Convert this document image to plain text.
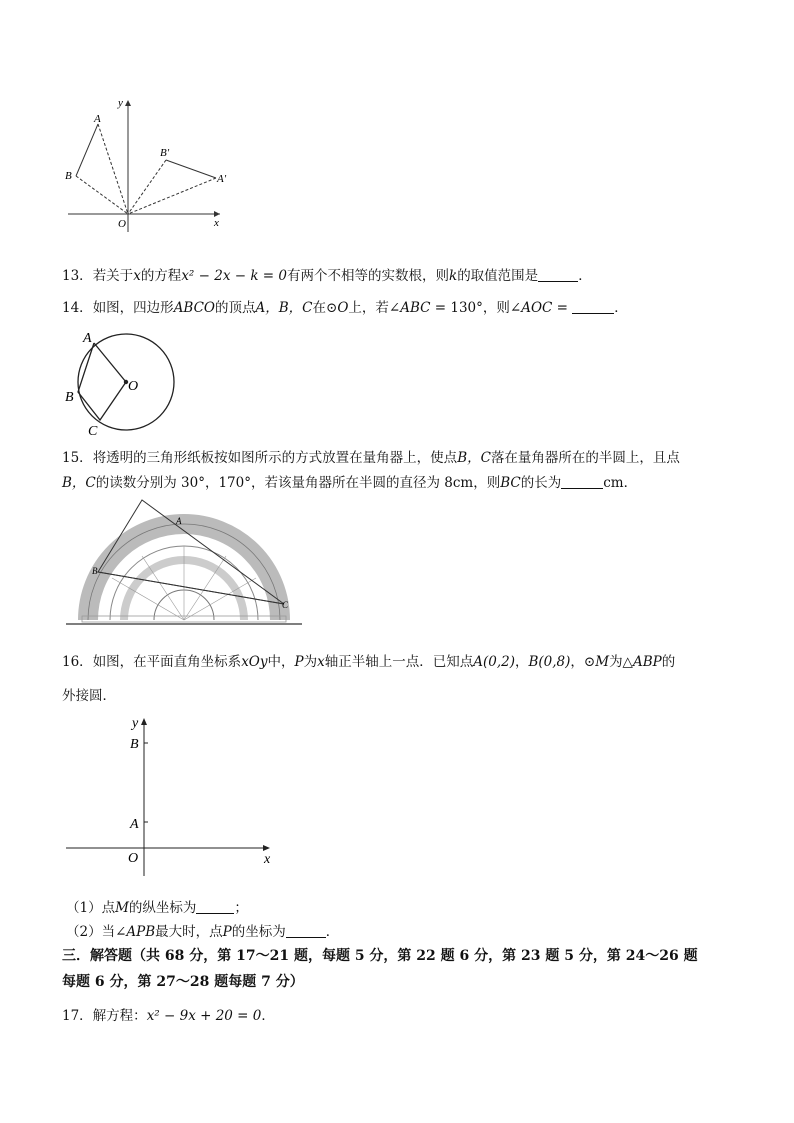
y
x
O
A
B	A′
B′
13．若关于x的方程x² − 2x − k = 0有两个不相等的实数根，则k的取值范围是	．
14．如图，四边形ABCO的顶点A，B，C在⊙O上，若∠ABC = 130°，则∠AOC =	．
A
B
C
O
15．将透明的三角形纸板按如图所示的方式放置在量角器上，使点B，C落在量角器所在的半圆上，且点
B，C的读数分别为 30°，170°，若该量角器所在半圆的直径为 8cm，则BC的长为	cm．
A
B
C
16．如图，在平面直角坐标系xOy中，P为x轴正半轴上一点．已知点A(0,2)，B(0,8)，⊙M为△ABP的
外接圆．
y
x
O
A
B
（1）点M的纵坐标为	；
（2）当∠APB最大时，点P的坐标为	．
三．解答题（共 68 分，第 17～21 题，每题 5 分，第 22 题 6 分，第 23 题 5 分，第 24～26 题
每题 6 分，第 27～28 题每题 7 分）
17．解方程：x² − 9x + 20 = 0．
